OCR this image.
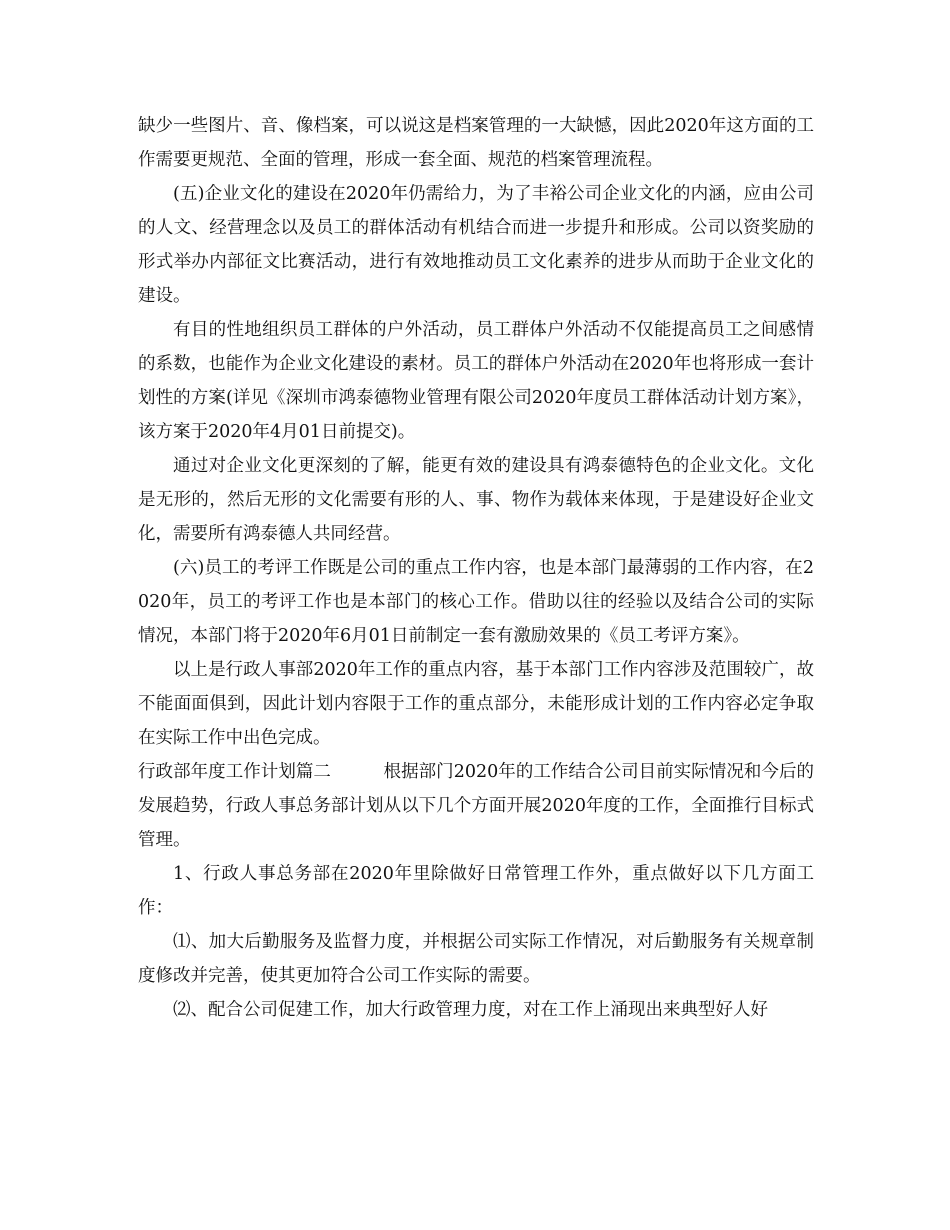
缺少一些图片、音、像档案，可以说这是档案管理的一大缺憾，因此2020年这方面的工作需要更规范、全面的管理，形成一套全面、规范的档案管理流程。

(五)企业文化的建设在2020年仍需给力，为了丰裕公司企业文化的内涵，应由公司的人文、经营理念以及员工的群体活动有机结合而进一步提升和形成。公司以资奖励的形式举办内部征文比赛活动，进行有效地推动员工文化素养的进步从而助于企业文化的建设。

有目的性地组织员工群体的户外活动，员工群体户外活动不仅能提高员工之间感情的系数，也能作为企业文化建设的素材。员工的群体户外活动在2020年也将形成一套计划性的方案(详见《深圳市鸿泰德物业管理有限公司2020年度员工群体活动计划方案》，该方案于2020年4月01日前提交)。

通过对企业文化更深刻的了解，能更有效的建设具有鸿泰德特色的企业文化。文化是无形的，然后无形的文化需要有形的人、事、物作为载体来体现，于是建设好企业文化，需要所有鸿泰德人共同经营。

(六)员工的考评工作既是公司的重点工作内容，也是本部门最薄弱的工作内容，在2020年，员工的考评工作也是本部门的核心工作。借助以往的经验以及结合公司的实际情况，本部门将于2020年6月01日前制定一套有激励效果的《员工考评方案》。

以上是行政人事部2020年工作的重点内容，基于本部门工作内容涉及范围较广，故不能面面俱到，因此计划内容限于工作的重点部分，未能形成计划的工作内容必定争取在实际工作中出色完成。

行政部年度工作计划篇二	根据部门2020年的工作结合公司目前实际情况和今后的发展趋势，行政人事总务部计划从以下几个方面开展2020年度的工作，全面推行目标式管理。

1、行政人事总务部在2020年里除做好日常管理工作外，重点做好以下几方面工作：

⑴、加大后勤服务及监督力度，并根据公司实际工作情况，对后勤服务有关规章制度修改并完善，使其更加符合公司工作实际的需要。

⑵、配合公司促建工作，加大行政管理力度，对在工作上涌现出来典型好人好
